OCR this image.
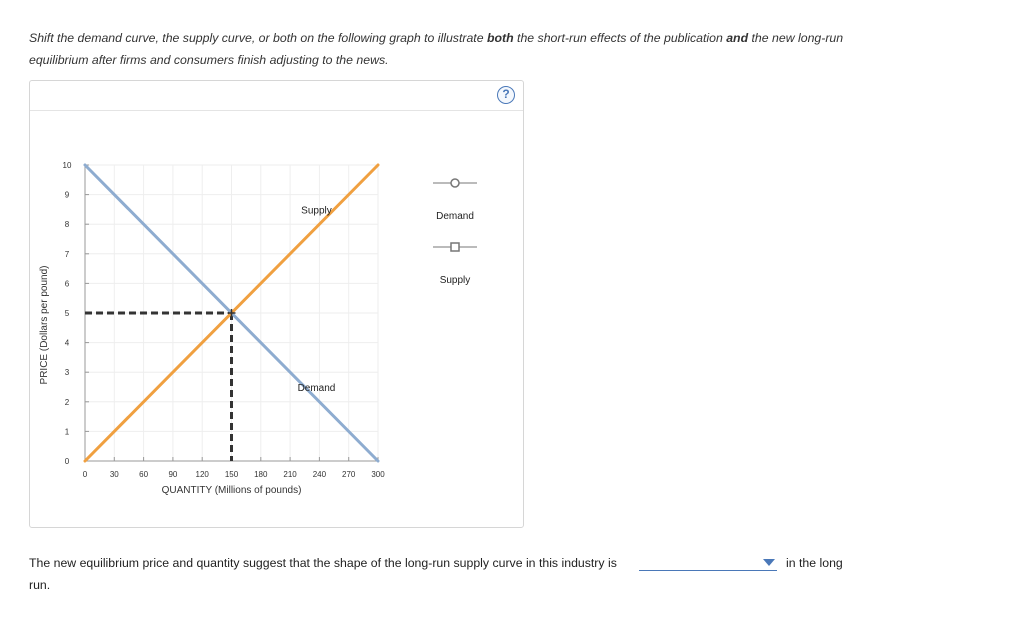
Shift the demand curve, the supply curve, or both on the following graph to illustrate both the short-run effects of the publication and the new long-run equilibrium after firms and consumers finish adjusting to the news.
?
0
1
2
3
4
5
6
7
8
9
10
0	30	60	90 120 150 180 210 240 270 300
QUANTITY (Millions of pounds)
PRICE (Dollars per pound)
Demand
Supply
Demand
Supply
The new equilibrium price and quantity suggest that the shape of the long-run supply curve in this industry is	in the long
run.
